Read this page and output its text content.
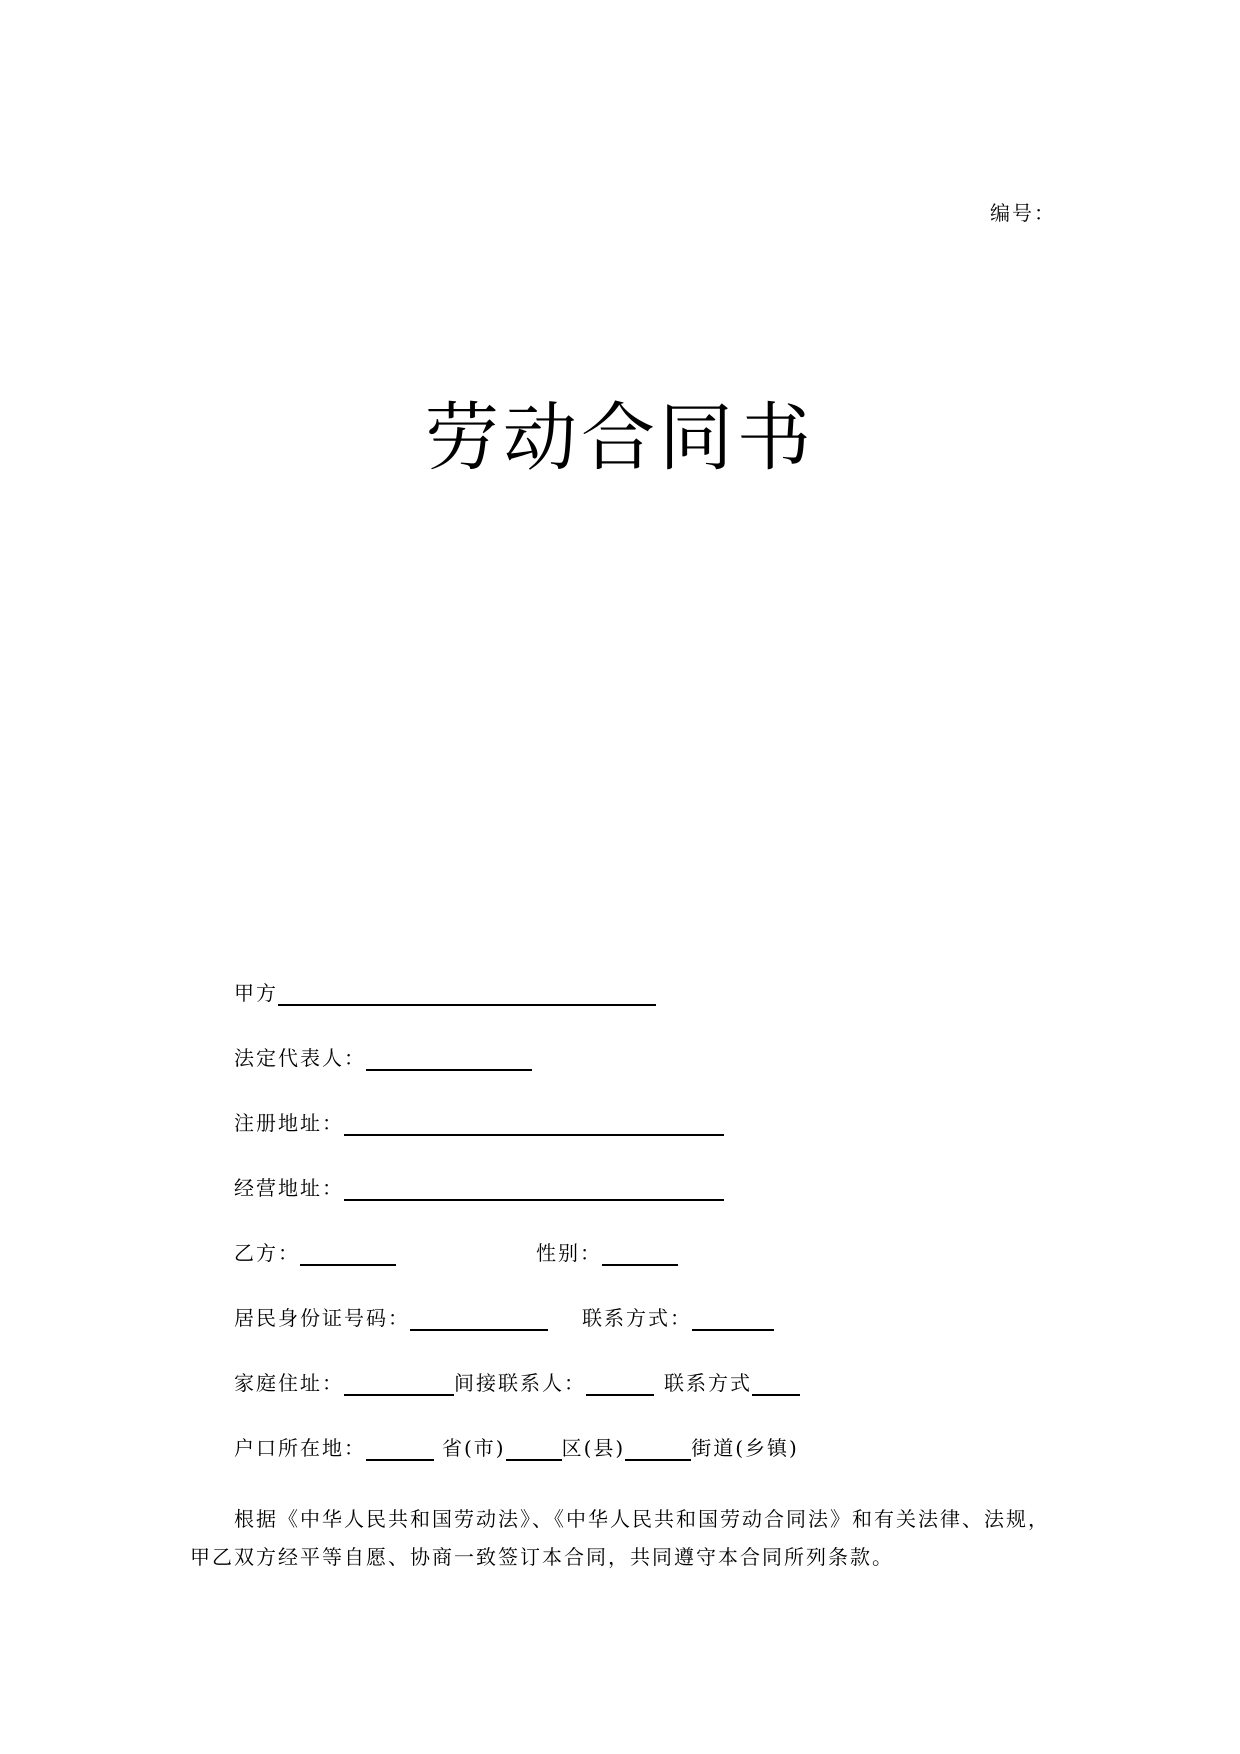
编号：
劳动合同书
甲方
法定代表人：
注册地址：
经营地址：
乙方：	性别：
居民身份证号码：	联系方式：
家庭住址：	间接联系人：	联系方式
户口所在地：	省(市)	区(县)	街道(乡镇)

根据《中华人民共和国劳动法》、《中华人民共和国劳动合同法》和有关法律、法规，

甲乙双方经平等自愿、协商一致签订本合同，共同遵守本合同所列条款。
